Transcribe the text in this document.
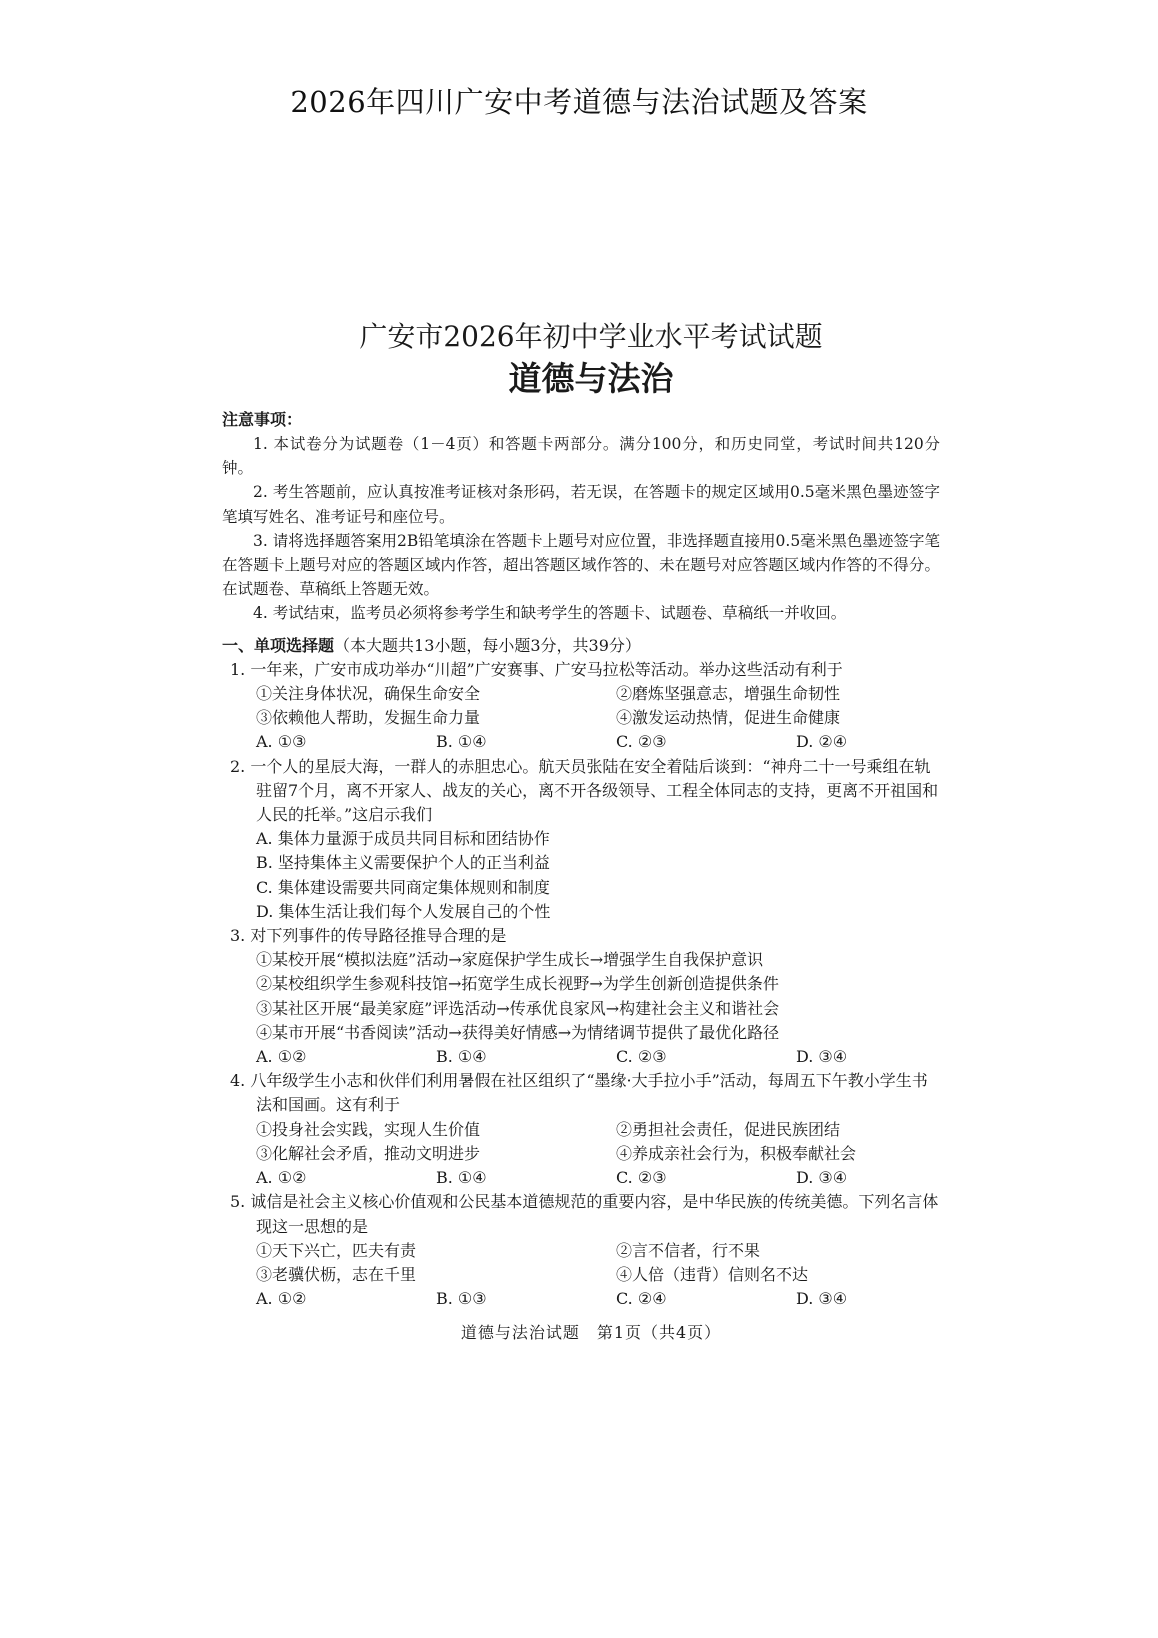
2026年四川广安中考道德与法治试题及答案
广安市2026年初中学业水平考试试题
道德与法治
注意事项：
1. 本试卷分为试题卷（1－4页）和答题卡两部分。满分100分，和历史同堂，考试时间共120分钟。
2. 考生答题前，应认真按准考证核对条形码，若无误，在答题卡的规定区域用0.5毫米黑色墨迹签字笔填写姓名、准考证号和座位号。
3. 请将选择题答案用2B铅笔填涂在答题卡上题号对应位置，非选择题直接用0.5毫米黑色墨迹签字笔在答题卡上题号对应的答题区域内作答，超出答题区域作答的、未在题号对应答题区域内作答的不得分。在试题卷、草稿纸上答题无效。
4. 考试结束，监考员必须将参考学生和缺考学生的答题卡、试题卷、草稿纸一并收回。
一、单项选择题（本大题共13小题，每小题3分，共39分）
1. 一年来，广安市成功举办“川超”广安赛事、广安马拉松等活动。举办这些活动有利于
①关注身体状况，确保生命安全	②磨炼坚强意志，增强生命韧性
③依赖他人帮助，发掘生命力量	④激发运动热情，促进生命健康
A. ①③	B. ①④	C. ②③	D. ②④
2. 一个人的星辰大海，一群人的赤胆忠心。航天员张陆在安全着陆后谈到：“神舟二十一号乘组在轨驻留7个月，离不开家人、战友的关心，离不开各级领导、工程全体同志的支持，更离不开祖国和人民的托举。”这启示我们
A. 集体力量源于成员共同目标和团结协作
B. 坚持集体主义需要保护个人的正当利益
C. 集体建设需要共同商定集体规则和制度
D. 集体生活让我们每个人发展自己的个性
3. 对下列事件的传导路径推导合理的是
①某校开展“模拟法庭”活动→家庭保护学生成长→增强学生自我保护意识
②某校组织学生参观科技馆→拓宽学生成长视野→为学生创新创造提供条件
③某社区开展“最美家庭”评选活动→传承优良家风→构建社会主义和谐社会
④某市开展“书香阅读”活动→获得美好情感→为情绪调节提供了最优化路径
A. ①②	B. ①④	C. ②③	D. ③④
4. 八年级学生小志和伙伴们利用暑假在社区组织了“墨缘·大手拉小手”活动，每周五下午教小学生书法和国画。这有利于
①投身社会实践，实现人生价值	②勇担社会责任，促进民族团结
③化解社会矛盾，推动文明进步	④养成亲社会行为，积极奉献社会
A. ①②	B. ①④	C. ②③	D. ③④
5. 诚信是社会主义核心价值观和公民基本道德规范的重要内容，是中华民族的传统美德。下列名言体现这一思想的是
①天下兴亡，匹夫有责	②言不信者，行不果
③老骥伏枥，志在千里	④人倍（违背）信则名不达
A. ①②	B. ①③	C. ②④	D. ③④
道德与法治试题　第1页（共4页）
